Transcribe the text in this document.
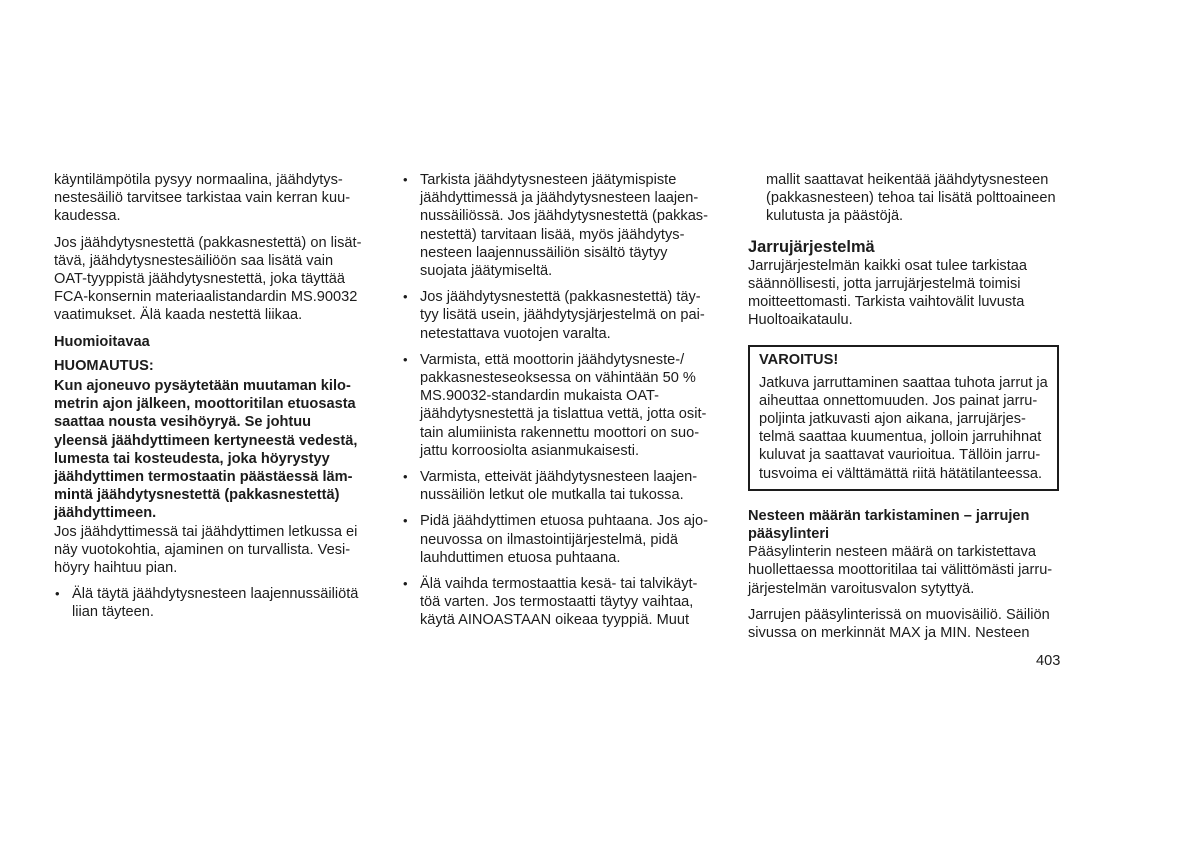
käyntilämpötila pysyy normaalina, jäähdytys-
nestesäiliö tarvitsee tarkistaa vain kerran kuu-
kaudessa.

Jos jäähdytysnestettä (pakkasnestettä) on lisät-
tävä, jäähdytysnestesäiliöön saa lisätä vain
OAT-tyyppistä jäähdytysnestettä, joka täyttää
FCA-konsernin materiaalistandardin MS.90032
vaatimukset. Älä kaada nestettä liikaa.

Huomioitavaa

HUOMAUTUS:

Kun ajoneuvo pysäytetään muutaman kilo-
metrin ajon jälkeen, moottoritilan etuosasta
saattaa nousta vesihöyryä. Se johtuu
yleensä jäähdyttimeen kertyneestä vedestä,
lumesta tai kosteudesta, joka höyrystyy
jäähdyttimen termostaatin päästäessä läm-
mintä jäähdytysnestettä (pakkasnestettä)
jäähdyttimeen.

Jos jäähdyttimessä tai jäähdyttimen letkussa ei
näy vuotokohtia, ajaminen on turvallista. Vesi-
höyry haihtuu pian.

• Älä täytä jäähdytysnesteen laajennussäiliötä
liian täyteen.
• Tarkista jäähdytysnesteen jäätymispiste
jäähdyttimessä ja jäähdytysnesteen laajen-
nussäiliössä. Jos jäähdytysnestettä (pakkas-
nestettä) tarvitaan lisää, myös jäähdytys-
nesteen laajennussäiliön sisältö täytyy
suojata jäätymiseltä.
• Jos jäähdytysnestettä (pakkasnestettä) täy-
tyy lisätä usein, jäähdytysjärjestelmä on pai-
netestattava vuotojen varalta.
• Varmista, että moottorin jäähdytysneste-/
pakkasnesteseoksessa on vähintään 50 %
MS.90032-standardin mukaista OAT-
jäähdytysnestettä ja tislattua vettä, jotta osit-
tain alumiinista rakennettu moottori on suo-
jattu korroosiolta asianmukaisesti.
• Varmista, etteivät jäähdytysnesteen laajen-
nussäiliön letkut ole mutkalla tai tukossa.
• Pidä jäähdyttimen etuosa puhtaana. Jos ajo-
neuvossa on ilmastointijärjestelmä, pidä
lauhduttimen etuosa puhtaana.
• Älä vaihda termostaattia kesä- tai talvikäyt-
töä varten. Jos termostaatti täytyy vaihtaa,
käytä AINOASTAAN oikeaa tyyppiä. Muut

mallit saattavat heikentää jäähdytysnesteen
(pakkasnesteen) tehoa tai lisätä polttoaineen
kulutusta ja päästöjä.

Jarrujärjestelmä

Jarrujärjestelmän kaikki osat tulee tarkistaa
säännöllisesti, jotta jarrujärjestelmä toimisi
moitteettomasti. Tarkista vaihtovälit luvusta
Huoltoaikataulu.

VAROITUS!

Jatkuva jarruttaminen saattaa tuhota jarrut ja
aiheuttaa onnettomuuden. Jos painat jarru-
poljinta jatkuvasti ajon aikana, jarrujärjes-
telmä saattaa kuumentua, jolloin jarruhihnat
kuluvat ja saattavat vaurioitua. Tällöin jarru-
tusvoima ei välttämättä riitä hätätilanteessa.

Nesteen määrän tarkistaminen – jarrujen
pääsylinteri

Pääsylinterin nesteen määrä on tarkistettava
huollettaessa moottoritilaa tai välittömästi jarru-
järjestelmän varoitusvalon sytyttyä.

Jarrujen pääsylinterissä on muovisäiliö. Säiliön
sivussa on merkinnät MAX ja MIN. Nesteen

403
